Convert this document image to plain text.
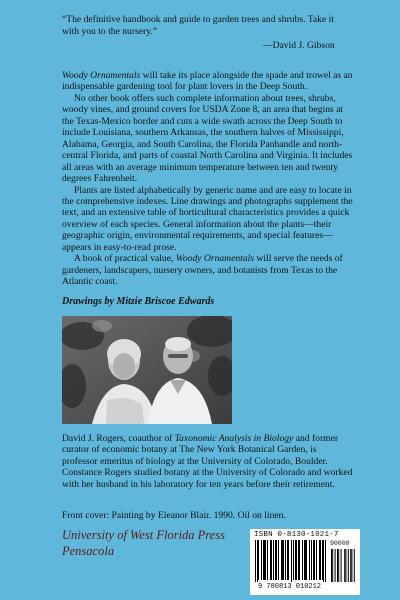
“The definitive handbook and guide to garden trees and shrubs. Take it with you to the nursery.”
—David J. Gibson

Woody Ornamentals will take its place alongside the spade and trowel as an indispensable gardening tool for plant lovers in the Deep South.

No other book offers such complete information about trees, shrubs, woody vines, and ground covers for USDA Zone 8, an area that begins at the Texas-Mexico border and cuts a wide swath across the Deep South to include Louisiana, southern Arkansas, the southern halves of Mississippi, Alabama, Georgia, and South Carolina, the Florida Panhandle and north-central Florida, and parts of coastal North Carolina and Virginia. It includes all areas with an average minimum temperature between ten and twenty degrees Fahrenheit.

Plants are listed alphabetically by generic name and are easy to locate in the comprehensive indexes. Line drawings and photographs supplement the text, and an extensive table of horticultural characteristics provides a quick overview of each species. General information about the plants—their geographic origin, environmental requirements, and special features—appears in easy-to-read prose.

A book of practical value, Woody Ornamentals will serve the needs of gardeners, landscapers, nursery owners, and botanists from Texas to the Atlantic coast.

Drawings by Mitzie Briscoe Edwards
David J. Rogers, coauthor of Taxonomic Analysis in Biology and former curator of economic botany at The New York Botanical Garden, is professor emeritus of biology at the University of Colorado, Boulder. Constance Rogers studied botany at the University of Colorado and worked with her husband in his laboratory for ten years before their retirement.
Front cover: Painting by Eleanor Blair. 1990. Oil on linen.
University of West Florida Press
Pensacola
ISBN 0-8130-1021-7
90000
9 780813 010212
